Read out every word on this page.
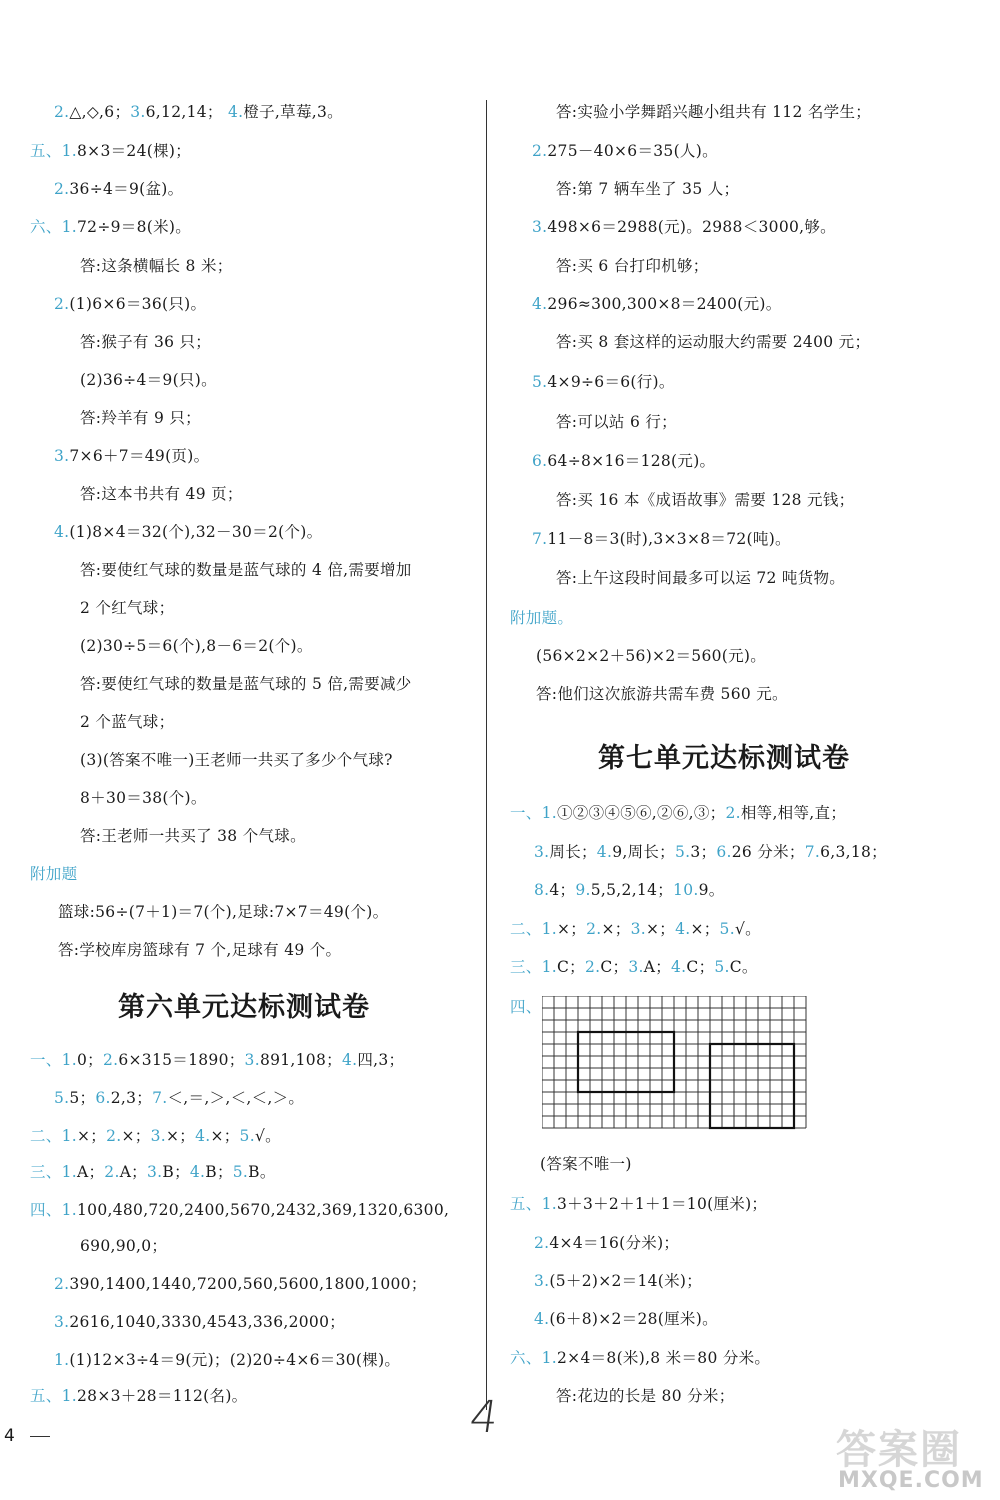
2.△,◇,6；3.6,12,14； 4.橙子,草莓,3。
五、1.8×3＝24(棵)；
2.36÷4＝9(盆)。
六、1.72÷9＝8(米)。
答:这条横幅长 8 米；
2.(1)6×6＝36(只)。
答:猴子有 36 只；
(2)36÷4＝9(只)。
答:羚羊有 9 只；
3.7×6＋7＝49(页)。
答:这本书共有 49 页；
4.(1)8×4＝32(个),32－30＝2(个)。
答:要使红气球的数量是蓝气球的 4 倍,需要增加
2 个红气球；
(2)30÷5＝6(个),8－6＝2(个)。
答:要使红气球的数量是蓝气球的 5 倍,需要减少
2 个蓝气球；
(3)(答案不唯一)王老师一共买了多少个气球?
8＋30＝38(个)。
答:王老师一共买了 38 个气球。
附加题
篮球:56÷(7＋1)＝7(个),足球:7×7＝49(个)。
答:学校库房篮球有 7 个,足球有 49 个。
第六单元达标测试卷
一、1.0；2.6×315＝1890；3.891,108；4.四,3；
5.5；6.2,3；7.＜,＝,＞,＜,＜,＞。
二、1.×；2.×；3.×；4.×；5.√。
三、1.A；2.A；3.B；4.B；5.B。
四、1.100,480,720,2400,5670,2432,369,1320,6300,
690,90,0；
2.390,1400,1440,7200,560,5600,1800,1000；
3.2616,1040,3330,4543,336,2000；
1.(1)12×3÷4＝9(元)；(2)20÷4×6＝30(棵)。
五、1.28×3＋28＝112(名)。
答:实验小学舞蹈兴趣小组共有 112 名学生；
2.275－40×6＝35(人)。
答:第 7 辆车坐了 35 人；
3.498×6＝2988(元)。2988＜3000,够。
答:买 6 台打印机够；
4.296≈300,300×8＝2400(元)。
答:买 8 套这样的运动服大约需要 2400 元；
5.4×9÷6＝6(行)。
答:可以站 6 行；
6.64÷8×16＝128(元)。
答:买 16 本《成语故事》需要 128 元钱；
7.11－8＝3(时),3×3×8＝72(吨)。
答:上午这段时间最多可以运 72 吨货物。
附加题。
(56×2×2＋56)×2＝560(元)。
答:他们这次旅游共需车费 560 元。
第七单元达标测试卷
一、1.①②③④⑤⑥,②⑥,③；2.相等,相等,直；
3.周长；4.9,周长；5.3；6.26 分米；7.6,3,18；
8.4；9.5,5,2,14；10.9。
二、1.×；2.×；3.×；4.×；5.√。
三、1.C；2.C；3.A；4.C；5.C。
四、
(答案不唯一)
五、1.3＋3＋2＋1＋1＝10(厘米)；
2.4×4＝16(分米)；
3.(5＋2)×2＝14(米)；
4.(6＋8)×2＝28(厘米)。
六、1.2×4＝8(米),8 米＝80 分米。
答:花边的长是 80 分米；
4	4
答案圈
MXQE.COM
